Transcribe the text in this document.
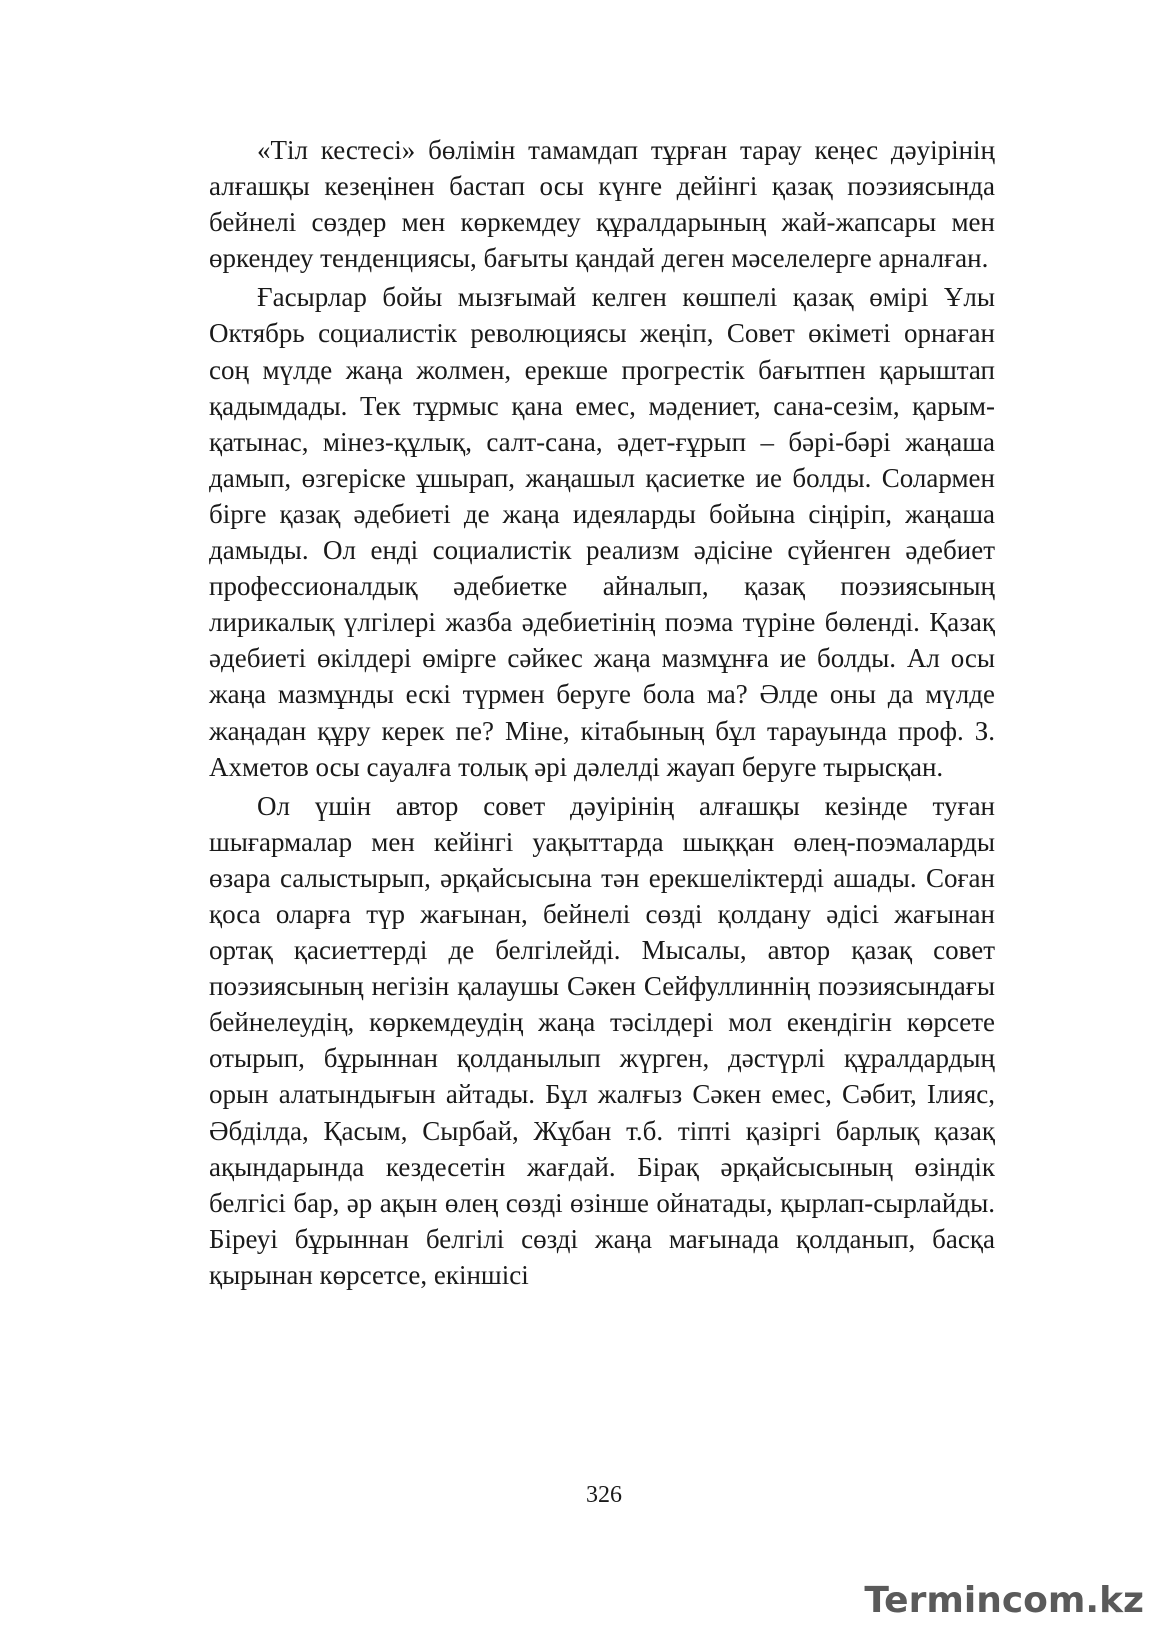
«Тіл кестесі» бөлімін тамамдап тұрған тарау кеңес дәуірінің алғашқы кезеңінен бастап осы күнге дейінгі қазақ поэзиясында бейнелі сөздер мен көркемдеу құралдарының жай-жапсары мен өркендеу тенденциясы, бағыты қандай деген мәселелерге арналған.

Ғасырлар бойы мызғымай келген көшпелі қазақ өмірі Ұлы Октябрь социалистік революциясы жеңіп, Совет өкіметі орнаған соң мүлде жаңа жолмен, ерекше прогрестік бағытпен қарыштап қадымдады. Тек тұрмыс қана емес, мәдениет, сана-сезім, қарым-қатынас, мінез-құлық, салт-сана, әдет-ғұрып – бәрі-бәрі жаңаша дамып, өзгеріске ұшырап, жаңашыл қасиетке ие болды. Солармен бірге қазақ әдебиеті де жаңа идеяларды бойына сіңіріп, жаңаша дамыды. Ол енді социалистік реализм әдісіне сүйенген әдебиет профессионалдық әдебиетке айналып, қазақ поэзиясының лирикалық үлгілері жазба әдебиетінің поэма түріне бөленді. Қазақ әдебиеті өкілдері өмірге сәйкес жаңа мазмұнға ие болды. Ал осы жаңа мазмұнды ескі түрмен беруге бола ма? Әлде оны да мүлде жаңадан құру керек пе? Міне, кітабының бұл тарауында проф. З. Ахметов осы сауалға толық әрі дәлелді жауап беруге тырысқан.

Ол үшін автор совет дәуірінің алғашқы кезінде туған шығармалар мен кейінгі уақыттарда шыққан өлең-поэмаларды өзара салыстырып, әрқайсысына тән ерекшеліктерді ашады. Соған қоса оларға түр жағынан, бейнелі сөзді қолдану әдісі жағынан ортақ қасиеттерді де белгілейді. Мысалы, автор қазақ совет поэзиясының негізін қалаушы Сәкен Сейфуллиннің поэзиясындағы бейнелеудің, көркемдеудің жаңа тәсілдері мол екендігін көрсете отырып, бұрыннан қолданылып жүрген, дәстүрлі құралдардың орын алатындығын айтады. Бұл жалғыз Сәкен емес, Сәбит, Ілияс, Әбділда, Қасым, Сырбай, Жұбан т.б. тіпті қазіргі барлық қазақ ақындарында кездесетін жағдай. Бірақ әрқайсысының өзіндік белгісі бар, әр ақын өлең сөзді өзінше ойнатады, қырлап-сырлайды. Біреуі бұрыннан белгілі сөзді жаңа мағынада қолданып, басқа қырынан көрсетсе, екіншісі

326
Termincom.kz
